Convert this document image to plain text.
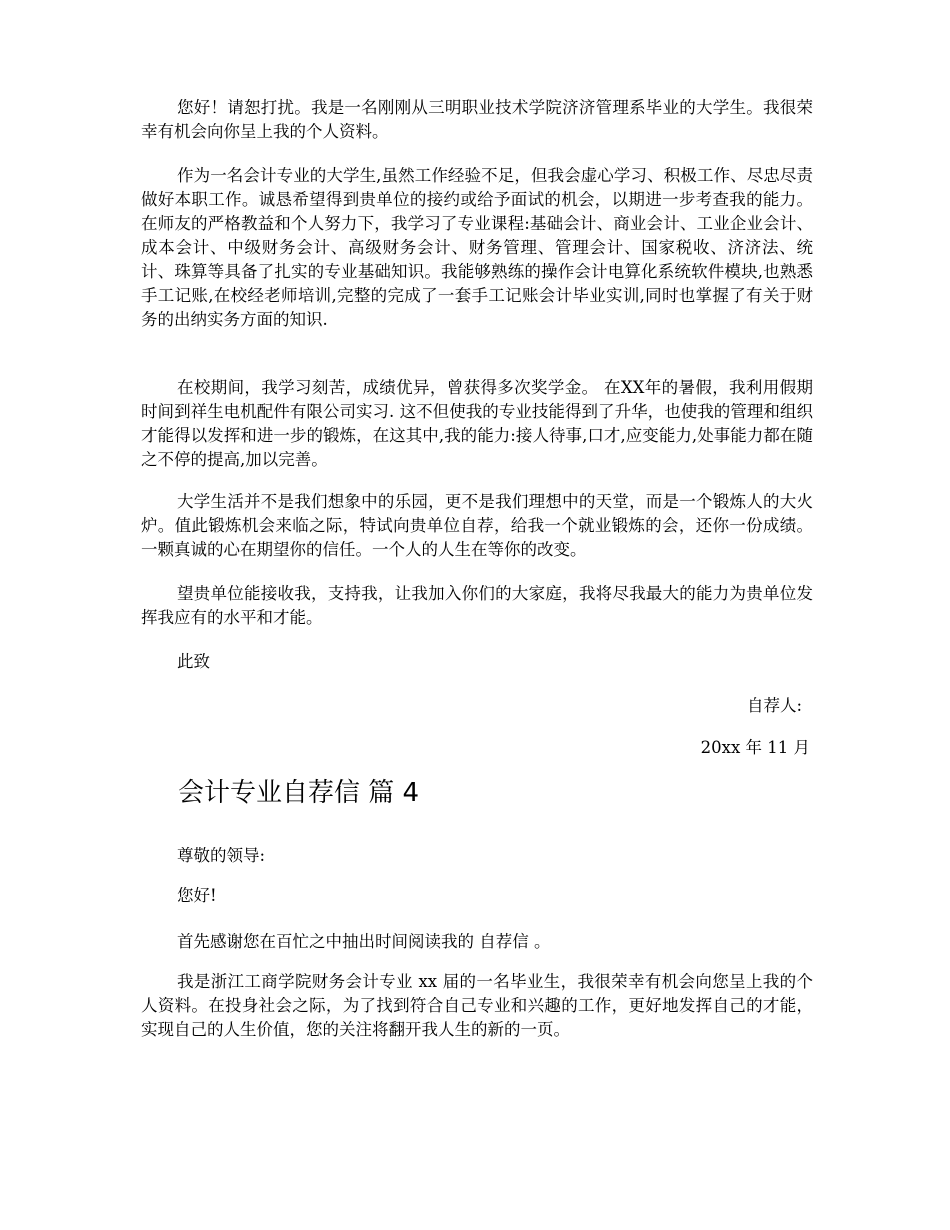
您好！请恕打扰。我是一名刚刚从三明职业技术学院济济管理系毕业的大学生。我很荣幸有机会向你呈上我的个人资料。

作为一名会计专业的大学生,虽然工作经验不足，但我会虚心学习、积极工作、尽忠尽责做好本职工作。诚恳希望得到贵单位的接约或给予面试的机会，以期进一步考查我的能力。在师友的严格教益和个人努力下，我学习了专业课程:基础会计、商业会计、工业企业会计、成本会计、中级财务会计、高级财务会计、财务管理、管理会计、国家税收、济济法、统计、珠算等具备了扎实的专业基础知识。我能够熟练的操作会计电算化系统软件模块,也熟悉手工记账,在校经老师培训,完整的完成了一套手工记账会计毕业实训,同时也掌握了有关于财务的出纳实务方面的知识.

在校期间，我学习刻苦，成绩优异，曾获得多次奖学金。 在XX年的暑假，我利用假期时间到祥生电机配件有限公司实习. 这不但使我的专业技能得到了升华，也使我的管理和组织才能得以发挥和进一步的锻炼，在这其中,我的能力:接人待事,口才,应变能力,处事能力都在随之不停的提高,加以完善。

大学生活并不是我们想象中的乐园，更不是我们理想中的天堂，而是一个锻炼人的大火炉。值此锻炼机会来临之际，特试向贵单位自荐，给我一个就业锻炼的会，还你一份成绩。一颗真诚的心在期望你的信任。一个人的人生在等你的改变。

望贵单位能接收我，支持我，让我加入你们的大家庭，我将尽我最大的能力为贵单位发挥我应有的水平和才能。

此致

自荐人:

20xx 年 11 月

会计专业自荐信 篇 4

尊敬的领导:

您好!

首先感谢您在百忙之中抽出时间阅读我的 自荐信 。

我是浙江工商学院财务会计专业 xx 届的一名毕业生，我很荣幸有机会向您呈上我的个人资料。在投身社会之际，为了找到符合自己专业和兴趣的工作，更好地发挥自己的才能，实现自己的人生价值，您的关注将翻开我人生的新的一页。
